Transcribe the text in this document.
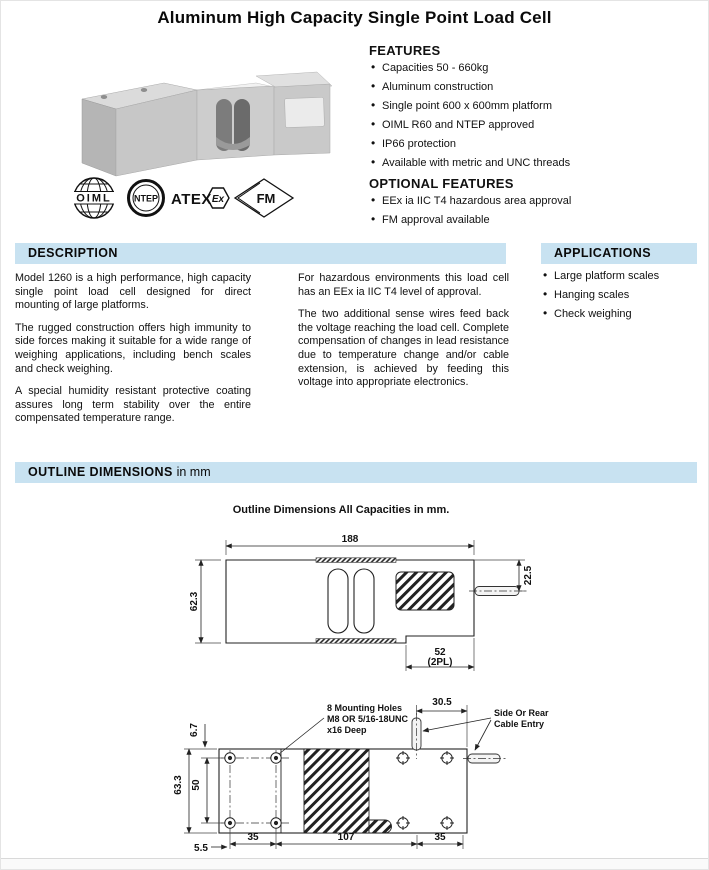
Aluminum High Capacity Single Point Load Cell
OIML NTEP ATEX Ex FM
FEATURES
• Capacities 50 - 660kg
• Aluminum construction
• Single point 600 x 600mm platform
• OIML R60 and NTEP approved
• IP66 protection
• Available with metric and UNC threads
OPTIONAL FEATURES
• EEx ia IIC T4 hazardous area approval
• FM approval available
DESCRIPTION	APPLICATIONS

Model 1260 is a high performance, high capacity single point load cell designed for direct mounting of large platforms.

The rugged construction offers high immunity to side forces making it suitable for a wide range of weighing applications, including bench scales and check weighing.

A special humidity resistant protective coating assures long term stability over the entire compensated temperature range.

For hazardous environments this load cell has an EEx ia IIC T4 level of approval.

The two additional sense wires feed back the voltage reaching the load cell. Complete compensation of changes in lead resistance due to temperature change and/or cable extension, is achieved by feeding this voltage into appropriate electronics.

• Large platform scales
• Hanging scales
• Check weighing
OUTLINE DIMENSIONS in mm
Outline Dimensions All Capacities in mm.
188
62.3
22.5
52
(2PL)
30.5
6.7
63.3 50
5.5
35	107	35
8 Mounting Holes
M8 OR 5/16-18UNC
x16 Deep
Side Or Rear
Cable Entry
